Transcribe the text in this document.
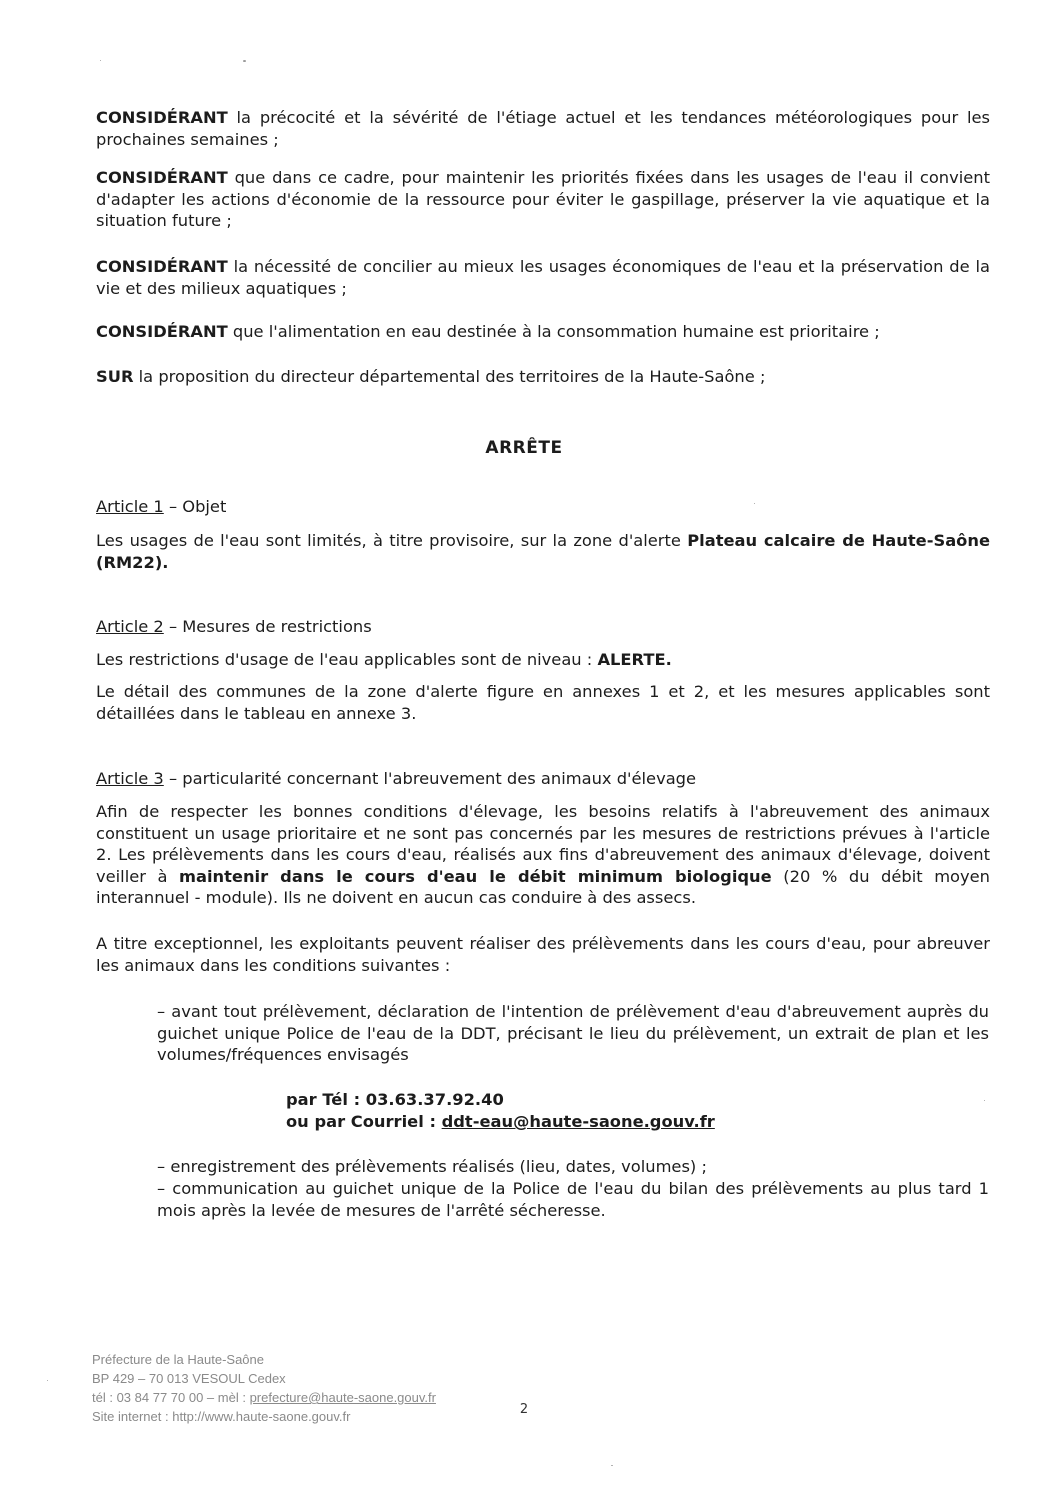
CONSIDÉRANT la précocité et la sévérité de l'étiage actuel et les tendances météorologiques pour les prochaines semaines ;

CONSIDÉRANT que dans ce cadre, pour maintenir les priorités fixées dans les usages de l'eau il convient d'adapter les actions d'économie de la ressource pour éviter le gaspillage, préserver la vie aquatique et la situation future ;

CONSIDÉRANT la nécessité de concilier au mieux les usages économiques de l'eau et la préservation de la vie et des milieux aquatiques ;

CONSIDÉRANT que l'alimentation en eau destinée à la consommation humaine est prioritaire ;

SUR la proposition du directeur départemental des territoires de la Haute-Saône ;

ARRÊTE

Article 1 – Objet

Les usages de l'eau sont limités, à titre provisoire, sur la zone d'alerte Plateau calcaire de Haute-Saône (RM22).

Article 2 – Mesures de restrictions

Les restrictions d'usage de l'eau applicables sont de niveau : ALERTE.

Le détail des communes de la zone d'alerte figure en annexes 1 et 2, et les mesures applicables sont détaillées dans le tableau en annexe 3.

Article 3 – particularité concernant l'abreuvement des animaux d'élevage

Afin de respecter les bonnes conditions d'élevage, les besoins relatifs à l'abreuvement des animaux constituent un usage prioritaire et ne sont pas concernés par les mesures de restrictions prévues à l'article 2. Les prélèvements dans les cours d'eau, réalisés aux fins d'abreuvement des animaux d'élevage, doivent veiller à maintenir dans le cours d'eau le débit minimum biologique (20 % du débit moyen interannuel - module). Ils ne doivent en aucun cas conduire à des assecs.

A titre exceptionnel, les exploitants peuvent réaliser des prélèvements dans les cours d'eau, pour abreuver les animaux dans les conditions suivantes :

– avant tout prélèvement, déclaration de l'intention de prélèvement d'eau d'abreuvement auprès du guichet unique Police de l'eau de la DDT, précisant le lieu du prélèvement, un extrait de plan et les volumes/fréquences envisagés

par Tél : 03.63.37.92.40
ou par Courriel : ddt-eau@haute-saone.gouv.fr

– enregistrement des prélèvements réalisés (lieu, dates, volumes) ;

– communication au guichet unique de la Police de l'eau du bilan des prélèvements au plus tard 1 mois après la levée de mesures de l'arrêté sécheresse.

Préfecture de la Haute-Saône
BP 429 – 70 013 VESOUL Cedex
tél : 03 84 77 70 00 – mèl : prefecture@haute-saone.gouv.fr
Site internet : http://www.haute-saone.gouv.fr	2
